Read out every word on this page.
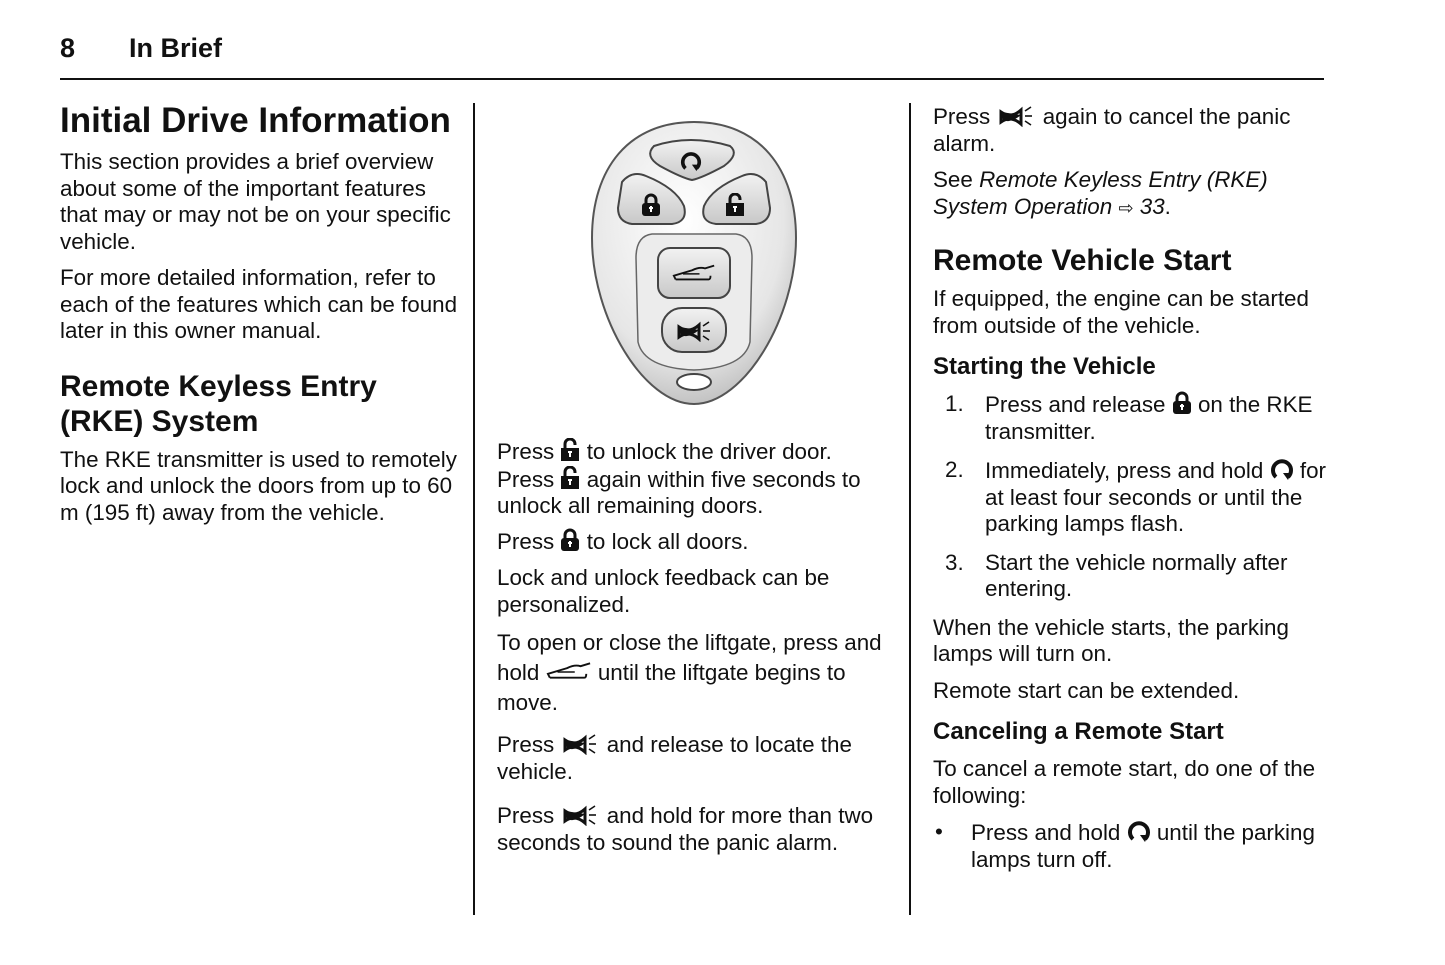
8 In Brief
Initial Drive Information

This section provides a brief overview about some of the important features that may or may not be on your specific vehicle.

For more detailed information, refer to each of the features which can be found later in this owner manual.

Remote Keyless Entry (RKE) System

The RKE transmitter is used to remotely lock and unlock the doors from up to 60 m (195 ft) away from the vehicle.

Press to unlock the driver door.
Press again within five seconds to unlock all remaining doors.

Press to lock all doors.

Lock and unlock feedback can be personalized.

To open or close the liftgate, press and hold	until the liftgate begins to move.

Press and release to locate the vehicle.

Press and hold for more than two seconds to sound the panic alarm.

Press again to cancel the panic alarm.

See Remote Keyless Entry (RKE) System Operation ⇨ 33.

Remote Vehicle Start

If equipped, the engine can be started from outside of the vehicle.

Starting the Vehicle
1. Press and release on the RKE transmitter.
2. Immediately, press and hold for at least four seconds or until the parking lamps flash.
3. Start the vehicle normally after entering.

When the vehicle starts, the parking lamps will turn on.

Remote start can be extended.

Canceling a Remote Start

To cancel a remote start, do one of the following:

• Press and hold until the parking lamps turn off.
